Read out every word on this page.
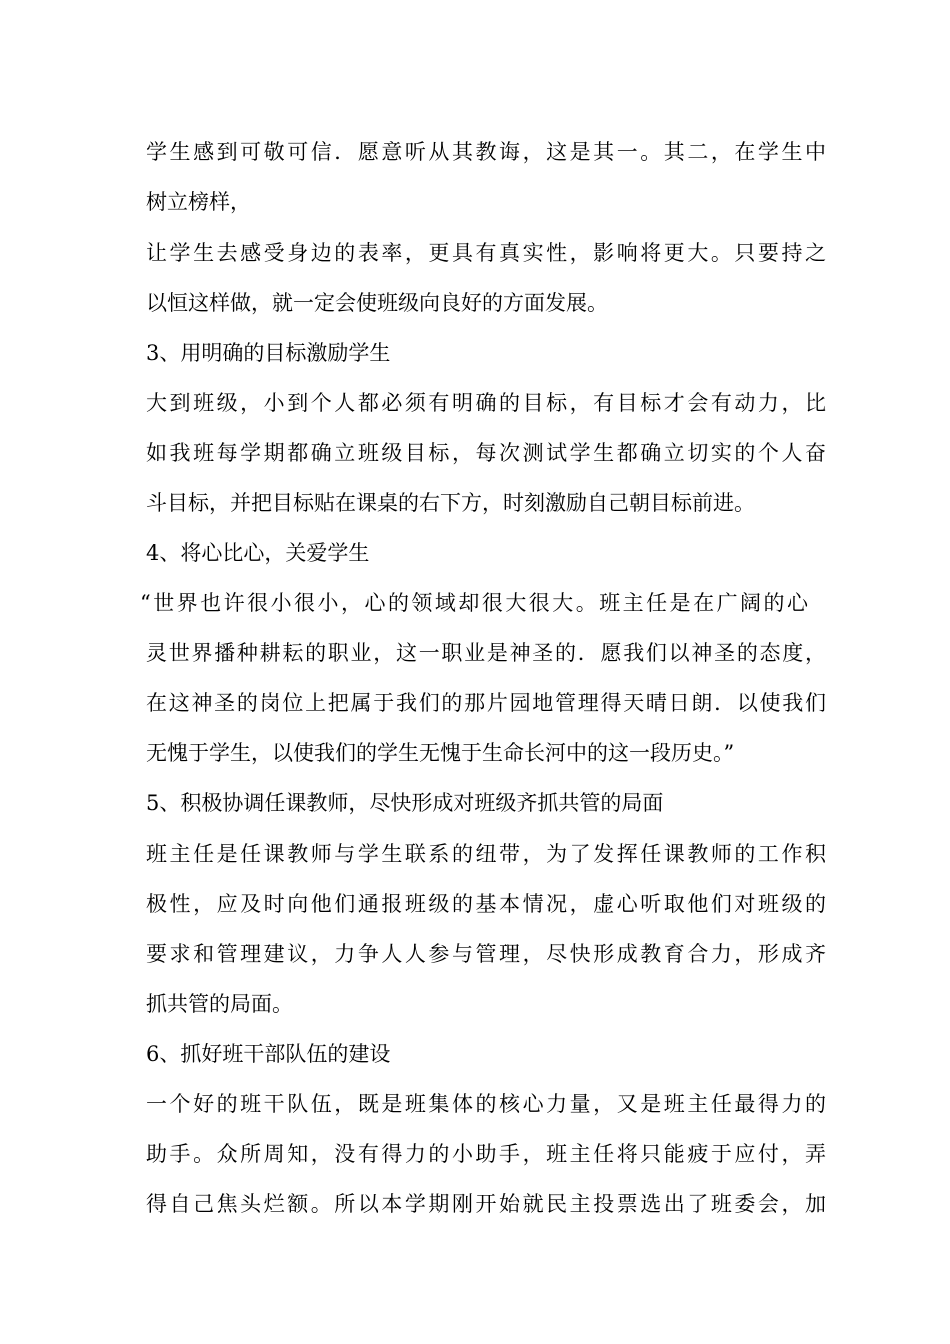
学生感到可敬可信．愿意听从其教诲，这是其一。其二，在学生中
树立榜样，
让学生去感受身边的表率，更具有真实性，影响将更大。只要持之
以恒这样做，就一定会使班级向良好的方面发展。
3、用明确的目标激励学生
大到班级，小到个人都必须有明确的目标，有目标才会有动力，比
如我班每学期都确立班级目标，每次测试学生都确立切实的个人奋
斗目标，并把目标贴在课桌的右下方，时刻激励自己朝目标前进。
4、将心比心，关爱学生
“世界也许很小很小，心的领域却很大很大。班主任是在广阔的心
灵世界播种耕耘的职业，这一职业是神圣的．愿我们以神圣的态度，
在这神圣的岗位上把属于我们的那片园地管理得天晴日朗．以使我们
无愧于学生，以使我们的学生无愧于生命长河中的这一段历史。”
5、积极协调任课教师，尽快形成对班级齐抓共管的局面
班主任是任课教师与学生联系的纽带，为了发挥任课教师的工作积
极性，应及时向他们通报班级的基本情况，虚心听取他们对班级的
要求和管理建议，力争人人参与管理，尽快形成教育合力，形成齐
抓共管的局面。
6、抓好班干部队伍的建设
一个好的班干队伍，既是班集体的核心力量，又是班主任最得力的
助手。众所周知，没有得力的小助手，班主任将只能疲于应付，弄
得自己焦头烂额。所以本学期刚开始就民主投票选出了班委会，加
